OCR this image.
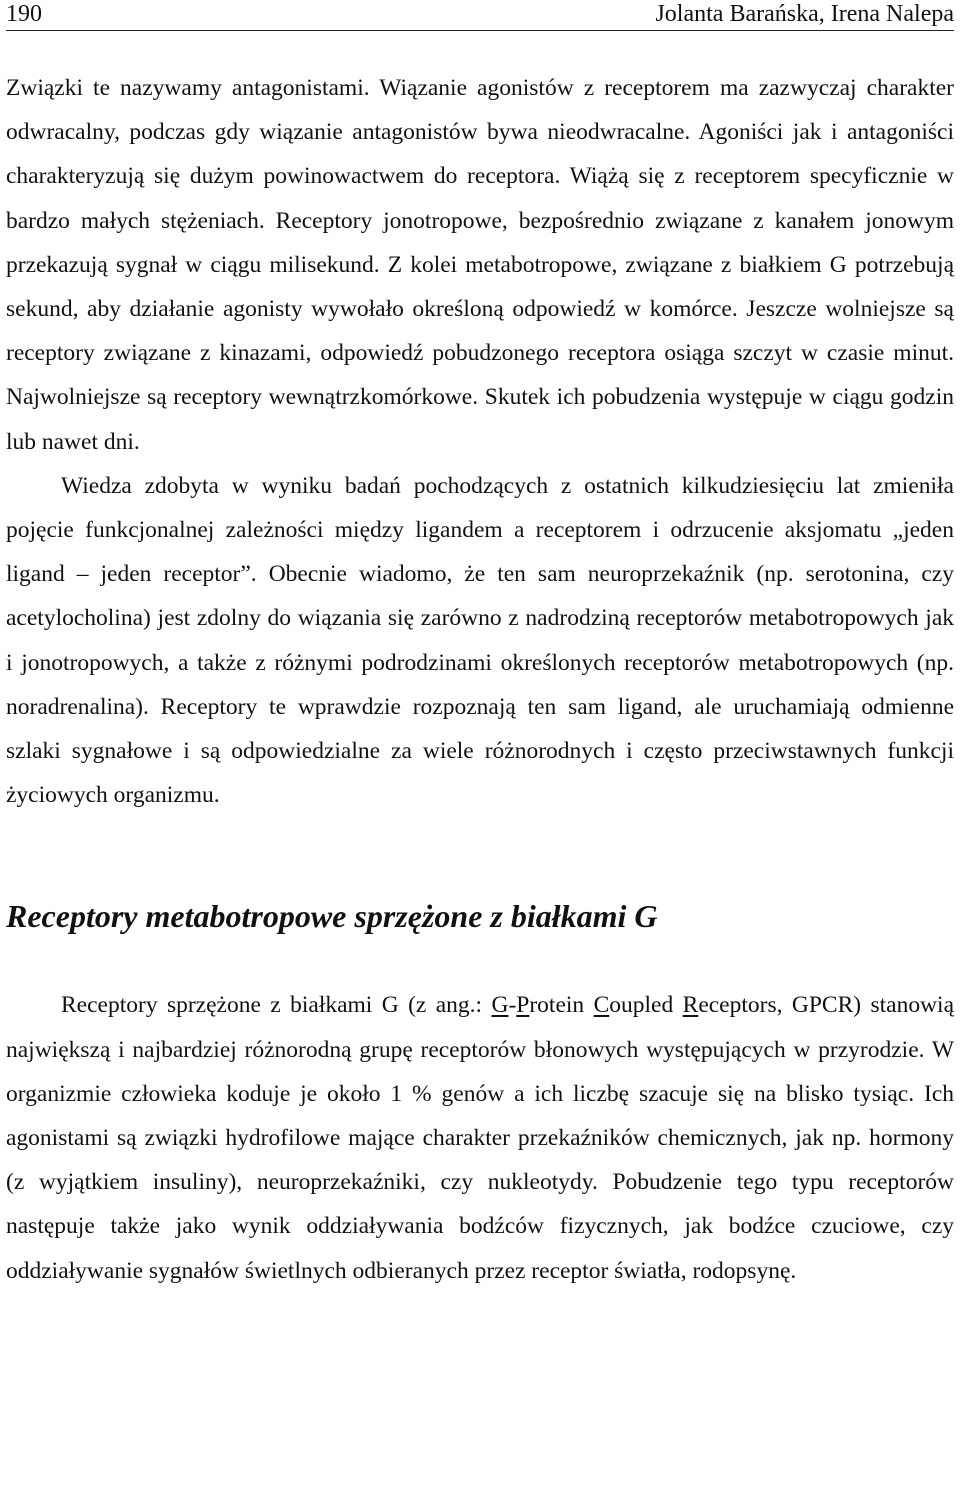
190	Jolanta Barańska, Irena Nalepa

Związki te nazywamy antagonistami. Wiązanie agonistów z receptorem ma zazwyczaj charakter odwracalny, podczas gdy wiązanie antagonistów bywa nieodwracalne. Agoniści jak i antagoniści charakteryzują się dużym powinowactwem do receptora. Wiążą się z receptorem specyficznie w bardzo małych stężeniach. Receptory jonotropowe, bezpośrednio związane z kanałem jonowym przekazują sygnał w ciągu milisekund. Z kolei metabotropowe, związane z białkiem G potrzebują sekund, aby działanie agonisty wywołało określoną odpowiedź w komórce. Jeszcze wolniejsze są receptory związane z kinazami, odpowiedź pobudzonego receptora osiąga szczyt w czasie minut. Najwolniejsze są receptory wewnątrzkomórkowe. Skutek ich pobudzenia występuje w ciągu godzin lub nawet dni.

Wiedza zdobyta w wyniku badań pochodzących z ostatnich kilkudziesięciu lat zmieniła pojęcie funkcjonalnej zależności między ligandem a receptorem i odrzucenie aksjomatu „jeden ligand – jeden receptor”. Obecnie wiadomo, że ten sam neuroprzekaźnik (np. serotonina, czy acetylocholina) jest zdolny do wiązania się zarówno z nadrodziną receptorów metabotropowych jak i jonotropowych, a także z różnymi podrodzinami określonych receptorów metabotropowych (np. noradrenalina). Receptory te wprawdzie rozpoznają ten sam ligand, ale uruchamiają odmienne szlaki sygnałowe i są odpowiedzialne za wiele różnorodnych i często przeciwstawnych funkcji życiowych organizmu.

Receptory metabotropowe sprzężone z białkami G

Receptory sprzężone z białkami G (z ang.: G-Protein Coupled Receptors, GPCR) stanowią największą i najbardziej różnorodną grupę receptorów błonowych występujących w przyrodzie. W organizmie człowieka koduje je około 1 % genów a ich liczbę szacuje się na blisko tysiąc. Ich agonistami są związki hydrofilowe mające charakter przekaźników chemicznych, jak np. hormony (z wyjątkiem insuliny), neuroprzekaźniki, czy nukleotydy. Pobudzenie tego typu receptorów następuje także jako wynik oddziaływania bodźców fizycznych, jak bodźce czuciowe, czy oddziaływanie sygnałów świetlnych odbieranych przez receptor światła, rodopsynę.
